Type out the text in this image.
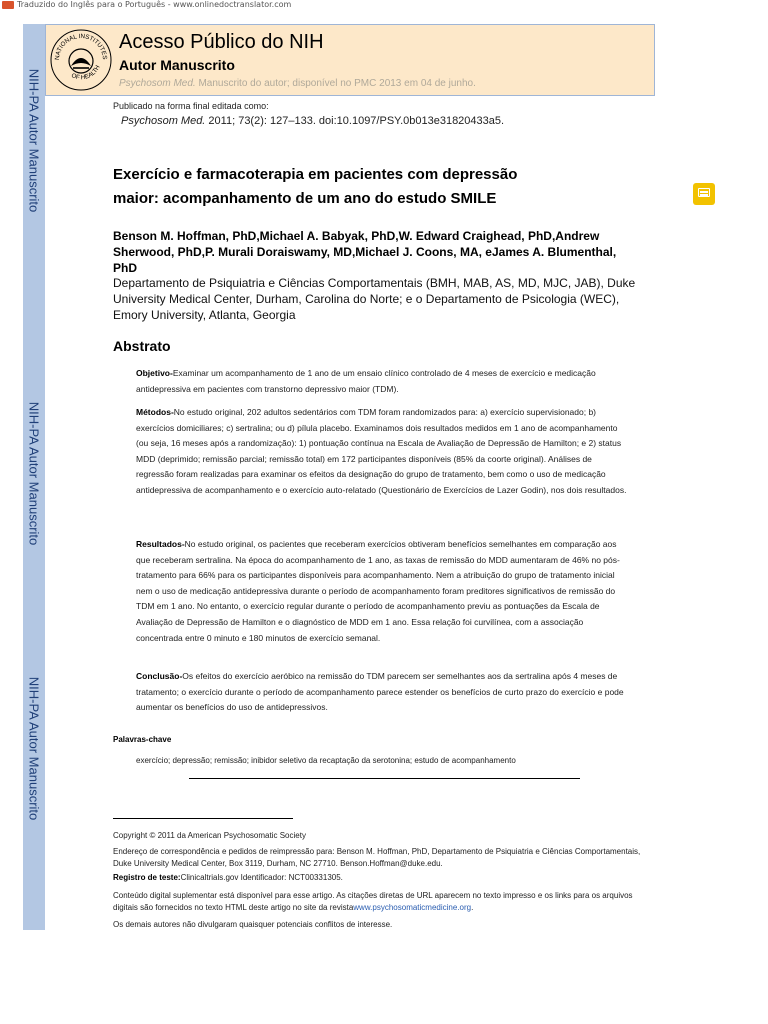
Traduzido do Inglês para o Português - www.onlinedoctranslator.com
NIH-PA Autor Manuscrito
NIH-PA Autor Manuscrito
NIH-PA Autor Manuscrito
NATIONAL INSTITUTES
OF HEALTH
Acesso Público do NIH
Autor Manuscrito
Psychosom Med. Manuscrito do autor; disponível no PMC 2013 em 04 de junho.
Publicado na forma final editada como:
Psychosom Med. 2011; 73(2): 127–133. doi:10.1097/PSY.0b013e31820433a5.
Exercício e farmacoterapia em pacientes com depressão
maior: acompanhamento de um ano do estudo SMILE
Benson M. Hoffman, PhD,Michael A. Babyak, PhD,W. Edward Craighead, PhD,Andrew
Sherwood, PhD,P. Murali Doraiswamy, MD,Michael J. Coons, MA, eJames A. Blumenthal,
PhD
Departamento de Psiquiatria e Ciências Comportamentais (BMH, MAB, AS, MD, MJC, JAB), Duke University Medical Center, Durham, Carolina do Norte; e o Departamento de Psicologia (WEC), Emory University, Atlanta, Georgia
Abstrato
Objetivo-Examinar um acompanhamento de 1 ano de um ensaio clínico controlado de 4 meses de exercício e medicação antidepressiva em pacientes com transtorno depressivo maior (TDM).
Métodos-No estudo original, 202 adultos sedentários com TDM foram randomizados para: a) exercício supervisionado; b) exercícios domiciliares; c) sertralina; ou d) pílula placebo. Examinamos dois resultados medidos em 1 ano de acompanhamento (ou seja, 16 meses após a randomização): 1) pontuação contínua na Escala de Avaliação de Depressão de Hamilton; e 2) status MDD (deprimido; remissão parcial; remissão total) em 172 participantes disponíveis (85% da coorte original). Análises de regressão foram realizadas para examinar os efeitos da designação do grupo de tratamento, bem como o uso de medicação antidepressiva de acompanhamento e o exercício auto-relatado (Questionário de Exercícios de Lazer Godin), nos dois resultados.
Resultados-No estudo original, os pacientes que receberam exercícios obtiveram benefícios semelhantes em comparação aos que receberam sertralina. Na época do acompanhamento de 1 ano, as taxas de remissão do MDD aumentaram de 46% no pós-tratamento para 66% para os participantes disponíveis para acompanhamento. Nem a atribuição do grupo de tratamento inicial nem o uso de medicação antidepressiva durante o período de acompanhamento foram preditores significativos de remissão do TDM em 1 ano. No entanto, o exercício regular durante o período de acompanhamento previu as pontuações da Escala de Avaliação de Depressão de Hamilton e o diagnóstico de MDD em 1 ano. Essa relação foi curvilínea, com a associação concentrada entre 0 minuto e 180 minutos de exercício semanal.
Conclusão-Os efeitos do exercício aeróbico na remissão do TDM parecem ser semelhantes aos da sertralina após 4 meses de tratamento; o exercício durante o período de acompanhamento parece estender os benefícios de curto prazo do exercício e pode aumentar os benefícios do uso de antidepressivos.
Palavras-chave
exercício; depressão; remissão; inibidor seletivo da recaptação da serotonina; estudo de acompanhamento
Copyright © 2011 da American Psychosomatic Society
Endereço de correspondência e pedidos de reimpressão para: Benson M. Hoffman, PhD, Departamento de Psiquiatria e Ciências Comportamentais, Duke University Medical Center, Box 3119, Durham, NC 27710. Benson.Hoffman@duke.edu.
Registro de teste:Clinicaltrials.gov Identificador: NCT00331305.
Conteúdo digital suplementar está disponível para esse artigo. As citações diretas de URL aparecem no texto impresso e os links para os arquivos digitais são fornecidos no texto HTML deste artigo no site da revistawww.psychosomaticmedicine.org.
Os demais autores não divulgaram quaisquer potenciais conflitos de interesse.
